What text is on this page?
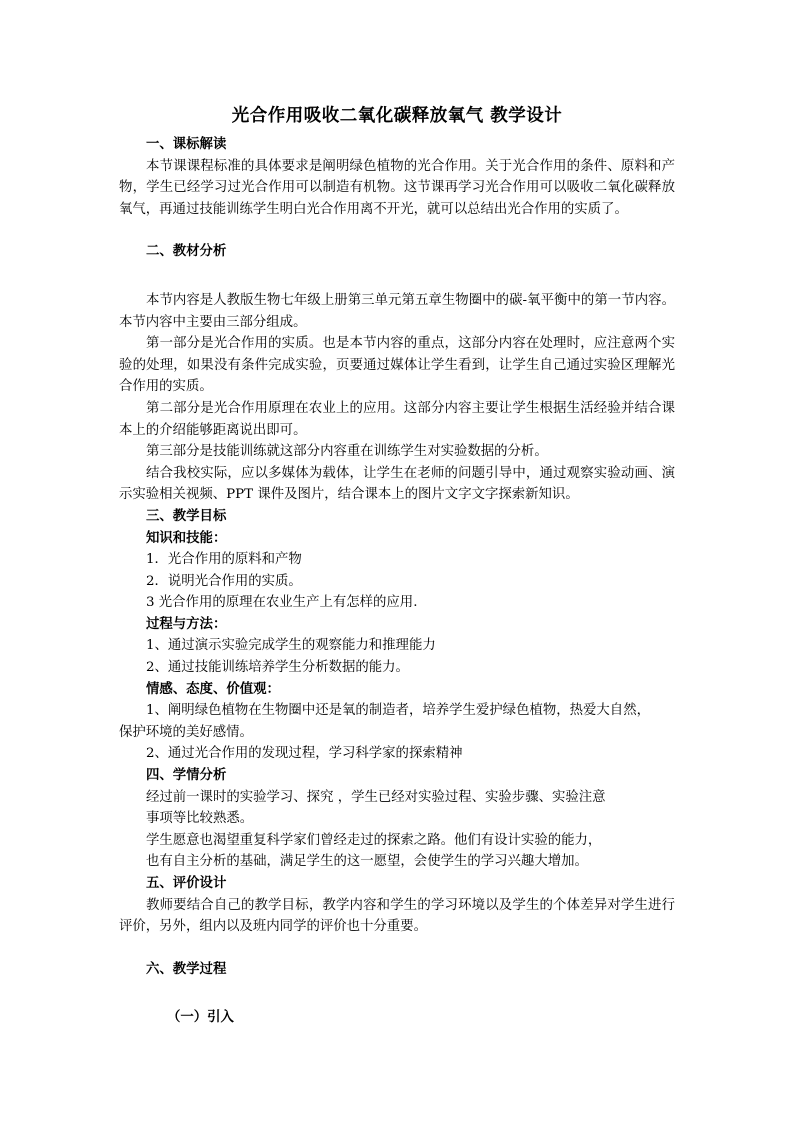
光合作用吸收二氧化碳释放氧气 教学设计

一、课标解读

本节课课程标准的具体要求是阐明绿色植物的光合作用。关于光合作用的条件、原料和产物，学生已经学习过光合作用可以制造有机物。这节课再学习光合作用可以吸收二氧化碳释放氧气，再通过技能训练学生明白光合作用离不开光，就可以总结出光合作用的实质了。

二、教材分析

本节内容是人教版生物七年级上册第三单元第五章生物圈中的碳-氧平衡中的第一节内容。本节内容中主要由三部分组成。

第一部分是光合作用的实质。也是本节内容的重点，这部分内容在处理时，应注意两个实验的处理，如果没有条件完成实验，页要通过媒体让学生看到，让学生自己通过实验区理解光合作用的实质。

第二部分是光合作用原理在农业上的应用。这部分内容主要让学生根据生活经验并结合课本上的介绍能够距离说出即可。

第三部分是技能训练就这部分内容重在训练学生对实验数据的分析。

结合我校实际，应以多媒体为载体，让学生在老师的问题引导中，通过观察实验动画、演示实验相关视频、PPT 课件及图片，结合课本上的图片文字文字探索新知识。

三、教学目标

知识和技能：

1．光合作用的原料和产物

2．说明光合作用的实质。

3 光合作用的原理在农业生产上有怎样的应用.

过程与方法：

1、通过演示实验完成学生的观察能力和推理能力

2、通过技能训练培养学生分析数据的能力。

情感、态度、价值观：

1、阐明绿色植物在生物圈中还是氧的制造者，培养学生爱护绿色植物，热爱大自然，

保护环境的美好感情。

2、通过光合作用的发现过程，学习科学家的探索精神

四、学情分析

经过前一课时的实验学习、探究 ，学生已经对实验过程、实验步骤、实验注意

事项等比较熟悉。

学生愿意也渴望重复科学家们曾经走过的探索之路。他们有设计实验的能力，

也有自主分析的基础，满足学生的这一愿望，会使学生的学习兴趣大增加。

五、评价设计

教师要结合自己的教学目标，教学内容和学生的学习环境以及学生的个体差异对学生进行评价，另外，组内以及班内同学的评价也十分重要。

六、教学过程

（一）引入
